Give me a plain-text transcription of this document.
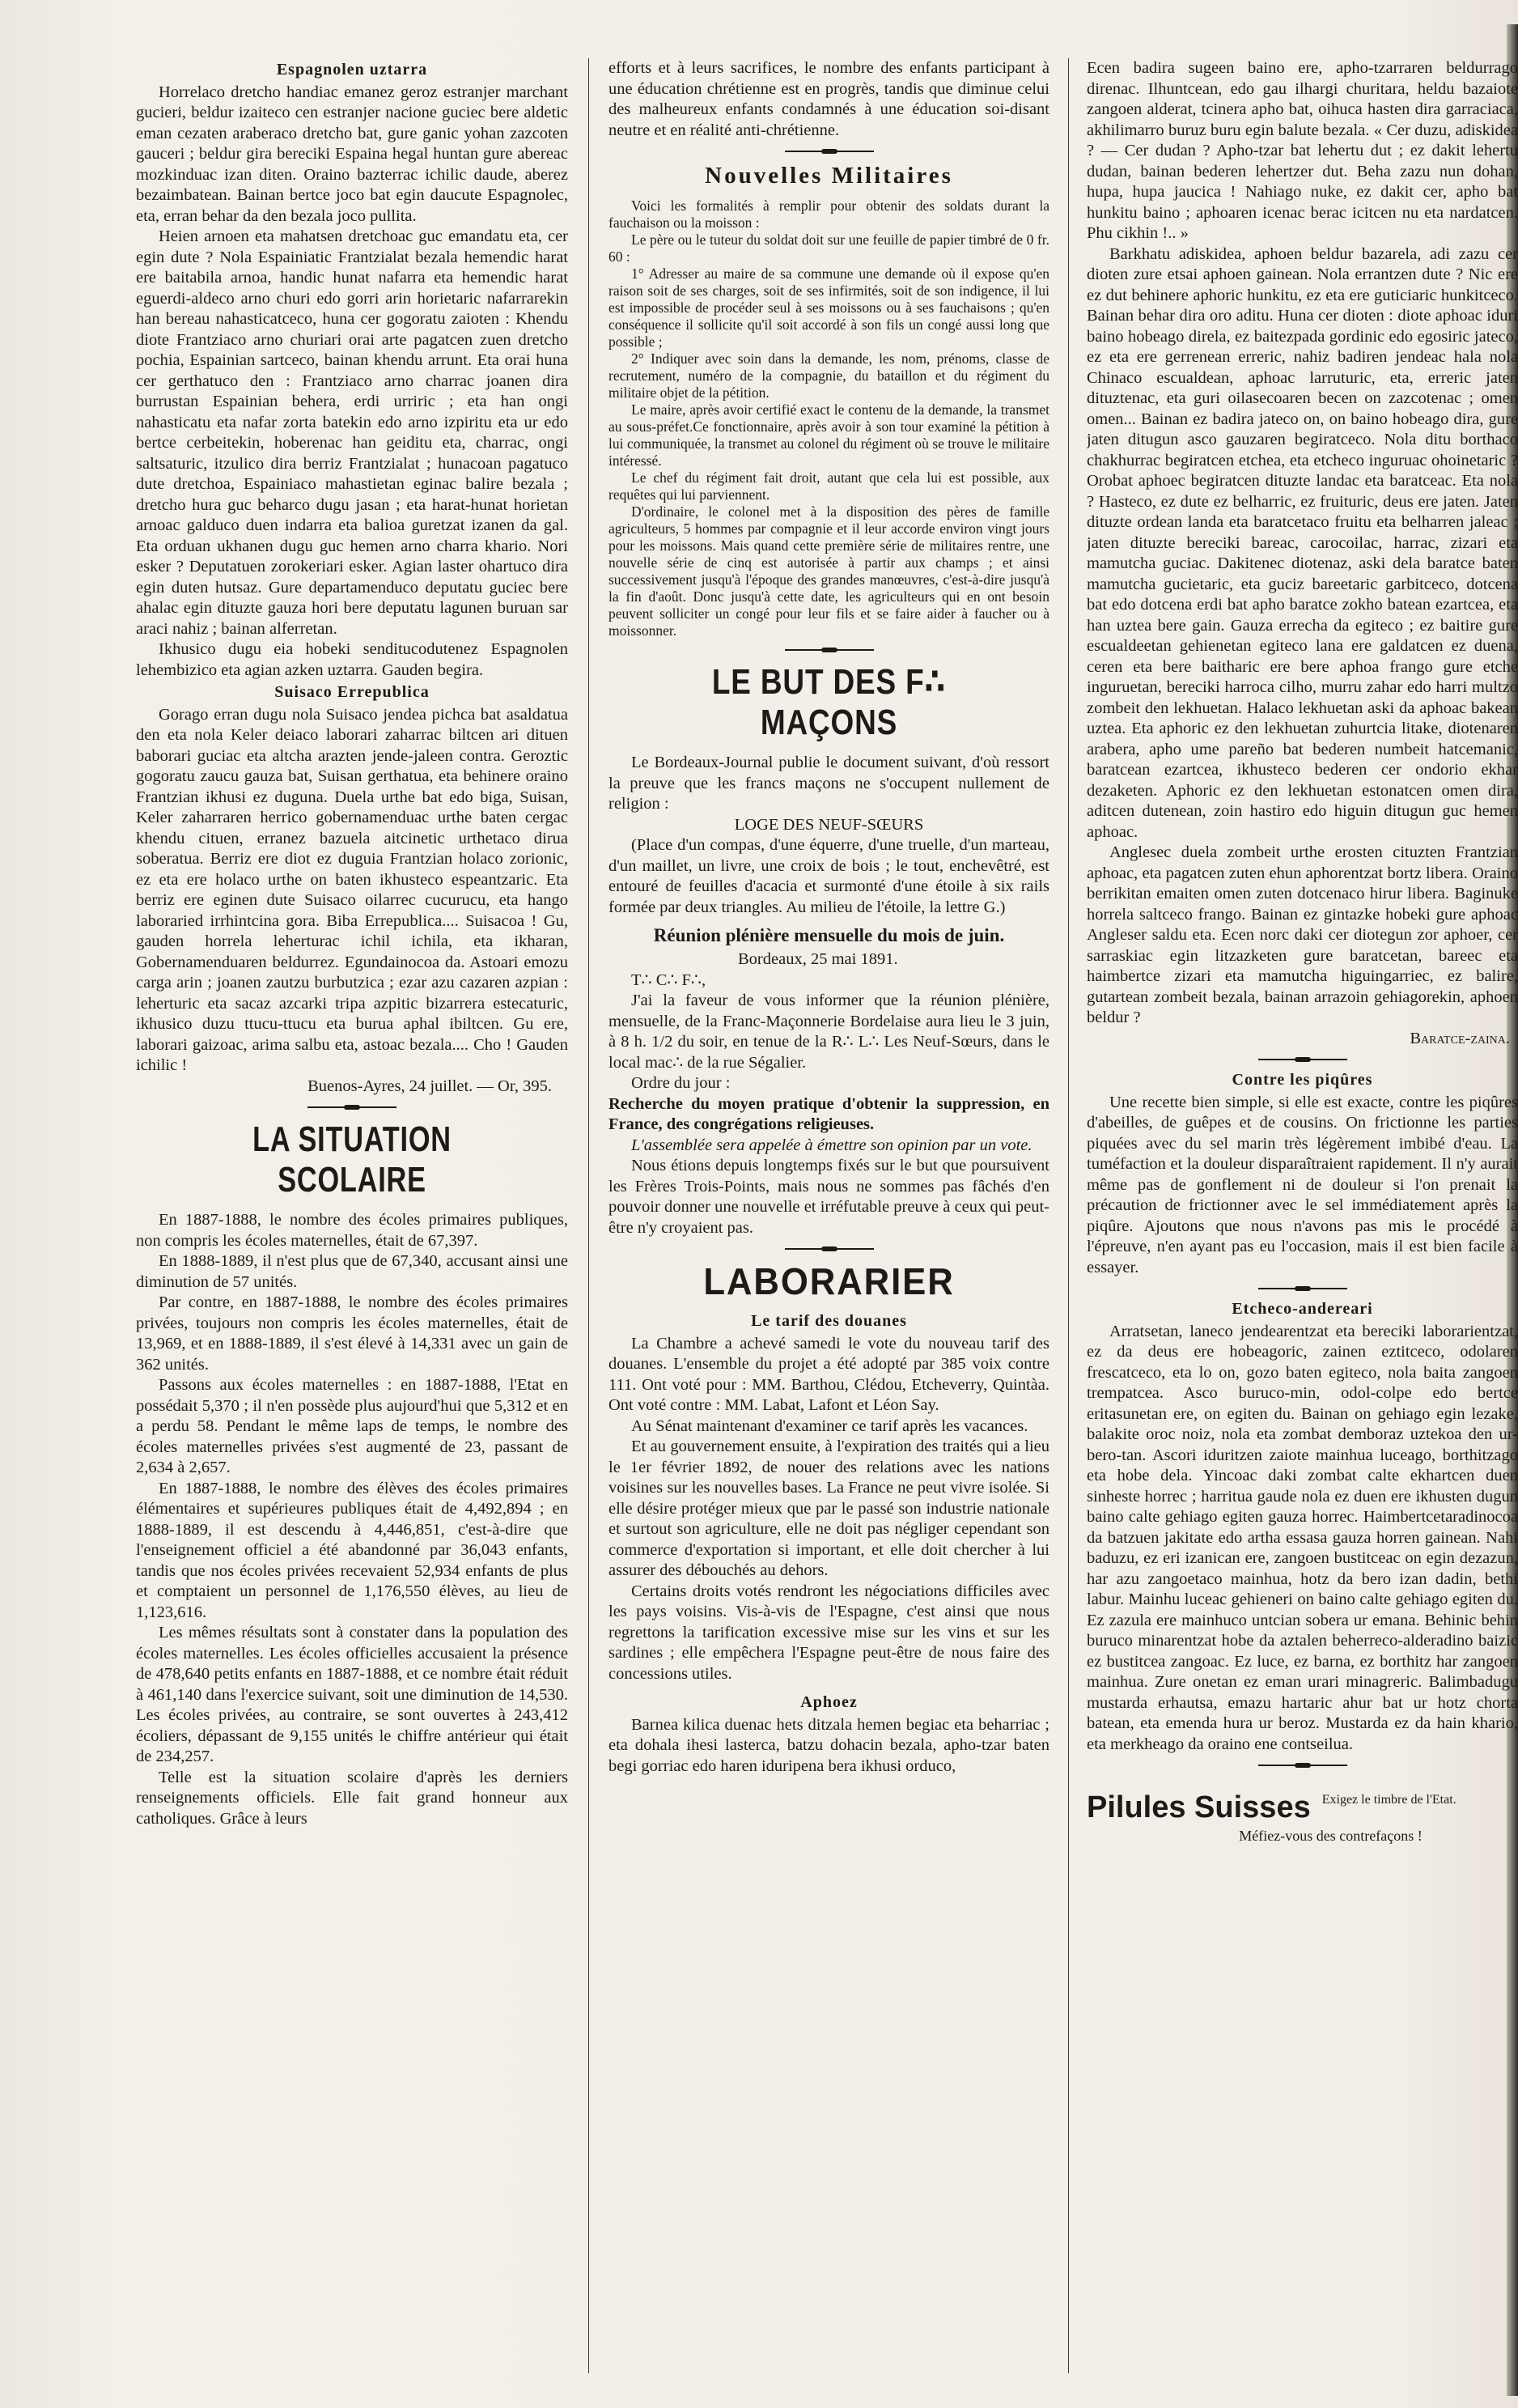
Espagnolen uztarra

Horrelaco dretcho handiac emanez geroz estranjer marchant gucieri, beldur izaiteco cen estranjer nacione guciec bere aldetic eman cezaten araberaco dretcho bat, gure ganic yohan zazcoten gauceri ; beldur gira bereciki Espaina hegal huntan gure abereac mozkinduac izan diten. Oraino bazterrac ichilic daude, aberez bezaimbatean. Bainan bertce joco bat egin daucute Espagnolec, eta, erran behar da den bezala joco pullita.

Heien arnoen eta mahatsen dretchoac guc emandatu eta, cer egin dute ? Nola Espainiatic Frantzialat bezala hemendic harat ere baitabila arnoa, handic hunat nafarra eta hemendic harat eguerdi-aldeco arno churi edo gorri arin horietaric nafarrarekin han bereau nahasticatceco, huna cer gogoratu zaioten : Khendu diote Frantziaco arno churiari orai arte pagatcen zuen dretcho pochia, Espainian sartceco, bainan khendu arrunt. Eta orai huna cer gerthatuco den : Frantziaco arno charrac joanen dira burrustan Espainian behera, erdi urriric ; eta han ongi nahasticatu eta nafar zorta batekin edo arno izpiritu eta ur edo bertce cerbeitekin, hoberenac han geiditu eta, charrac, ongi saltsaturic, itzulico dira berriz Frantzialat ; hunacoan pagatuco dute dretchoa, Espainiaco mahastietan eginac balire bezala ; dretcho hura guc beharco dugu jasan ; eta harat-hunat horietan arnoac galduco duen indarra eta balioa guretzat izanen da gal. Eta orduan ukhanen dugu guc hemen arno charra khario. Nori esker ? Deputatuen zorokeriari esker. Agian laster ohartuco dira egin duten hutsaz. Gure departamenduco deputatu guciec bere ahalac egin dituzte gauza hori bere deputatu lagunen buruan sar araci nahiz ; bainan alferretan.

Ikhusico dugu eia hobeki senditucodutenez Espagnolen lehembizico eta agian azken uztarra. Gauden begira.

Suisaco Errepublica

Gorago erran dugu nola Suisaco jendea pichca bat asaldatua den eta nola Keler deiaco laborari zaharrac biltcen ari dituen baborari guciac eta altcha arazten jende-jaleen contra. Geroztic gogoratu zaucu gauza bat, Suisan gerthatua, eta behinere oraino Frantzian ikhusi ez duguna. Duela urthe bat edo biga, Suisan, Keler zaharraren herrico gobernamenduac urthe baten cergac khendu cituen, erranez bazuela aitcinetic urthetaco dirua soberatua. Berriz ere diot ez duguia Frantzian holaco zorionic, ez eta ere holaco urthe on baten ikhusteco espeantzaric. Eta berriz ere eginen dute Suisaco oilarrec cucurucu, eta hango laboraried irrhintcina gora. Biba Errepublica.... Suisacoa ! Gu, gauden horrela leherturac ichil ichila, eta ikharan, Gobernamenduaren beldurrez. Egundainocoa da. Astoari emozu carga arin ; joanen zautzu burbutzica ; ezar azu cazaren azpian : leherturic eta sacaz azcarki tripa azpitic bizarrera estecaturic, ikhusico duzu ttucu-ttucu eta burua aphal ibiltcen. Gu ere, laborari gaizoac, arima salbu eta, astoac bezala.... Cho ! Gauden ichilic !

Buenos-Ayres, 24 juillet. — Or, 395.

LA SITUATION SCOLAIRE

En 1887-1888, le nombre des écoles primaires publiques, non compris les écoles maternelles, était de 67,397.

En 1888-1889, il n'est plus que de 67,340, accusant ainsi une diminution de 57 unités.

Par contre, en 1887-1888, le nombre des écoles primaires privées, toujours non compris les écoles maternelles, était de 13,969, et en 1888-1889, il s'est élevé à 14,331 avec un gain de 362 unités.

Passons aux écoles maternelles : en 1887-1888, l'Etat en possédait 5,370 ; il n'en possède plus aujourd'hui que 5,312 et en a perdu 58. Pendant le même laps de temps, le nombre des écoles maternelles privées s'est augmenté de 23, passant de 2,634 à 2,657.

En 1887-1888, le nombre des élèves des écoles primaires élémentaires et supérieures publiques était de 4,492,894 ; en 1888-1889, il est descendu à 4,446,851, c'est-à-dire que l'enseignement officiel a été abandonné par 36,043 enfants, tandis que nos écoles privées recevaient 52,934 enfants de plus et comptaient un personnel de 1,176,550 élèves, au lieu de 1,123,616.

Les mêmes résultats sont à constater dans la population des écoles maternelles. Les écoles officielles accusaient la présence de 478,640 petits enfants en 1887-1888, et ce nombre était réduit à 461,140 dans l'exercice suivant, soit une diminution de 14,530. Les écoles privées, au contraire, se sont ouvertes à 243,412 écoliers, dépassant de 9,155 unités le chiffre antérieur qui était de 234,257.

Telle est la situation scolaire d'après les derniers renseignements officiels. Elle fait grand honneur aux catholiques. Grâce à leurs

efforts et à leurs sacrifices, le nombre des enfants participant à une éducation chrétienne est en progrès, tandis que diminue celui des malheureux enfants condamnés à une éducation soi-disant neutre et en réalité anti-chrétienne.

Nouvelles Militaires

Voici les formalités à remplir pour obtenir des soldats durant la fauchaison ou la moisson :

Le père ou le tuteur du soldat doit sur une feuille de papier timbré de 0 fr. 60 :

1° Adresser au maire de sa commune une demande où il expose qu'en raison soit de ses charges, soit de ses infirmités, soit de son indigence, il lui est impossible de procéder seul à ses moissons ou à ses fauchaisons ; qu'en conséquence il sollicite qu'il soit accordé à son fils un congé aussi long que possible ;

2° Indiquer avec soin dans la demande, les nom, prénoms, classe de recrutement, numéro de la compagnie, du bataillon et du régiment du militaire objet de la pétition.

Le maire, après avoir certifié exact le contenu de la demande, la transmet au sous-préfet.Ce fonctionnaire, après avoir à son tour examiné la pétition à lui communiquée, la transmet au colonel du régiment où se trouve le militaire intéressé.

Le chef du régiment fait droit, autant que cela lui est possible, aux requêtes qui lui parviennent.

D'ordinaire, le colonel met à la disposition des pères de famille agriculteurs, 5 hommes par compagnie et il leur accorde environ vingt jours pour les moissons. Mais quand cette première série de militaires rentre, une nouvelle série de cinq est autorisée à partir aux champs ; et ainsi successivement jusqu'à l'époque des grandes manœuvres, c'est-à-dire jusqu'à la fin d'août. Donc jusqu'à cette date, les agriculteurs qui en ont besoin peuvent solliciter un congé pour leur fils et se faire aider à faucher ou à moissonner.

LE BUT DES F∴ MAÇONS

Le Bordeaux-Journal publie le document suivant, d'où ressort la preuve que les francs maçons ne s'occupent nullement de religion :

LOGE DES NEUF-SŒURS

(Place d'un compas, d'une équerre, d'une truelle, d'un marteau, d'un maillet, un livre, une croix de bois ; le tout, enchevêtré, est entouré de feuilles d'acacia et surmonté d'une étoile à six rails formée par deux triangles. Au milieu de l'étoile, la lettre G.)

Réunion plénière mensuelle du mois de juin.

Bordeaux, 25 mai 1891.

T∴ C∴ F∴,

J'ai la faveur de vous informer que la réunion plénière, mensuelle, de la Franc-Maçonnerie Bordelaise aura lieu le 3 juin, à 8 h. 1/2 du soir, en tenue de la R∴ L∴ Les Neuf-Sœurs, dans le local mac∴ de la rue Ségalier.

Ordre du jour :

Recherche du moyen pratique d'obtenir la suppression, en France, des congrégations religieuses.

L'assemblée sera appelée à émettre son opinion par un vote.

Nous étions depuis longtemps fixés sur le but que poursuivent les Frères Trois-Points, mais nous ne sommes pas fâchés d'en pouvoir donner une nouvelle et irréfutable preuve à ceux qui peut-être n'y croyaient pas.

LABORARIER
Le tarif des douanes

La Chambre a achevé samedi le vote du nouveau tarif des douanes. L'ensemble du projet a été adopté par 385 voix contre 111. Ont voté pour : MM. Barthou, Clédou, Etcheverry, Quintàa. Ont voté contre : MM. Labat, Lafont et Léon Say.

Au Sénat maintenant d'examiner ce tarif après les vacances.

Et au gouvernement ensuite, à l'expiration des traités qui a lieu le 1er février 1892, de nouer des relations avec les nations voisines sur les nouvelles bases. La France ne peut vivre isolée. Si elle désire protéger mieux que par le passé son industrie nationale et surtout son agriculture, elle ne doit pas négliger cependant son commerce d'exportation si important, et elle doit chercher à lui assurer des débouchés au dehors.

Certains droits votés rendront les négociations difficiles avec les pays voisins. Vis-à-vis de l'Espagne, c'est ainsi que nous regrettons la tarification excessive mise sur les vins et sur les sardines ; elle empêchera l'Espagne peut-être de nous faire des concessions utiles.

Aphoez

Barnea kilica duenac hets ditzala hemen begiac eta beharriac ; eta dohala ihesi lasterca, batzu dohacin bezala, apho-tzar baten begi gorriac edo haren iduripena bera ikhusi orduco,

Ecen badira sugeen baino ere, apho-tzarraren beldurrago direnac. Ilhuntcean, edo gau ilhargi churitara, heldu bazaiote zangoen alderat, tcinera apho bat, oihuca hasten dira garraciaca, akhilimarro buruz buru egin balute bezala. « Cer duzu, adiskidea ? — Cer dudan ? Apho-tzar bat lehertu dut ; ez dakit lehertu dudan, bainan bederen lehertzer dut. Beha zazu nun dohan, hupa, hupa jaucica ! Nahiago nuke, ez dakit cer, apho bat hunkitu baino ; aphoaren icenac berac icitcen nu eta nardatcen. Phu cikhin !.. »

Barkhatu adiskidea, aphoen beldur bazarela, adi zazu cer dioten zure etsai aphoen gainean. Nola errantzen dute ? Nic ere ez dut behinere aphoric hunkitu, ez eta ere guticiaric hunkitceco. Bainan behar dira oro aditu. Huna cer dioten : diote aphoac iduri baino hobeago direla, ez baitezpada gordinic edo egosiric jateco, ez eta ere gerrenean erreric, nahiz badiren jendeac hala nola Chinaco escualdean, aphoac larruturic, eta, erreric jaten dituztenac, eta guri oilasecoaren becen on zazcotenac ; omen omen... Bainan ez badira jateco on, on baino hobeago dira, gure jaten ditugun asco gauzaren begiratceco. Nola ditu borthaco chakhurrac begiratcen etchea, eta etcheco inguruac ohoinetaric ? Orobat aphoec begiratcen dituzte landac eta baratceac. Eta nola ? Hasteco, ez dute ez belharric, ez fruituric, deus ere jaten. Jaten dituzte ordean landa eta baratcetaco fruitu eta belharren jaleac ; jaten dituzte bereciki bareac, carocoilac, harrac, zizari eta mamutcha guciac. Dakitenec diotenaz, aski dela baratce baten mamutcha gucietaric, eta guciz bareetaric garbitceco, dotcena bat edo dotcena erdi bat apho baratce zokho batean ezartcea, eta han uztea bere gain. Gauza errecha da egiteco ; ez baitire gure escualdeetan gehienetan egiteco lana ere galdatcen ez duena, ceren eta bere baitharic ere bere aphoa frango gure etche inguruetan, bereciki harroca cilho, murru zahar edo harri multzo zombeit den lekhuetan. Halaco lekhuetan aski da aphoac bakean uztea. Eta aphoric ez den lekhuetan zuhurtcia litake, diotenaren arabera, apho ume pareño bat bederen numbeit hatcemanic, baratcean ezartcea, ikhusteco bederen cer ondorio ekhar dezaketen. Aphoric ez den lekhuetan estonatcen omen dira, aditcen dutenean, zoin hastiro edo higuin ditugun guc hemen aphoac.

Anglesec duela zombeit urthe erosten cituzten Frantzian aphoac, eta pagatcen zuten ehun aphorentzat bortz libera. Oraino berrikitan emaiten omen zuten dotcenaco hirur libera. Baginuke horrela saltceco frango. Bainan ez gintazke hobeki gure aphoac Angleser saldu eta. Ecen norc daki cer diotegun zor aphoer, cer sarraskiac egin litzazketen gure baratcetan, bareec eta haimbertce zizari eta mamutcha higuingarriec, ez balire, gutartean zombeit bezala, bainan arrazoin gehiagorekin, aphoen beldur ?

Baratce-zaina.

Contre les piqûres

Une recette bien simple, si elle est exacte, contre les piqûres d'abeilles, de guêpes et de cousins. On frictionne les parties piquées avec du sel marin très légèrement imbibé d'eau. La tuméfaction et la douleur disparaîtraient rapidement. Il n'y aurait même pas de gonflement ni de douleur si l'on prenait la précaution de frictionner avec le sel immédiatement après la piqûre. Ajoutons que nous n'avons pas mis le procédé à l'épreuve, n'en ayant pas eu l'occasion, mais il est bien facile à essayer.

Etcheco-andereari

Arratsetan, laneco jendearentzat eta bereciki laborarientzat, ez da deus ere hobeagoric, zainen eztitceco, odolaren frescatceco, eta lo on, gozo baten egiteco, nola baita zangoen trempatcea. Asco buruco-min, odol-colpe edo bertce eritasunetan ere, on egiten du. Bainan on gehiago egin lezake, balakite oroc noiz, nola eta zombat demboraz uztekoa den ur-bero-tan. Ascori iduritzen zaiote mainhua luceago, borthitzago eta hobe dela. Yincoac daki zombat calte ekhartcen duen sinheste horrec ; harritua gaude nola ez duen ere ikhusten dugun baino calte gehiago egiten gauza horrec. Haimbertcetaradinocoa da batzuen jakitate edo artha essasa gauza horren gainean. Nahi baduzu, ez eri izanican ere, zangoen bustitceac on egin dezazun, har azu zangoetaco mainhua, hotz da bero izan dadin, bethi labur. Mainhu luceac gehieneri on baino calte gehiago egiten du. Ez zazula ere mainhuco untcian sobera ur emana. Behinic behin buruco minarentzat hobe da aztalen beherreco-alderadino baizic ez bustitcea zangoac. Ez luce, ez barna, ez borthitz har zangoen mainhua. Zure onetan ez eman urari minagreric. Balimbadugu mustarda erhautsa, emazu hartaric ahur bat ur hotz chorta batean, eta emenda hura ur beroz. Mustarda ez da hain khario, eta merkheago da oraino ene contseilua.

Pilules Suisses Exigez le timbre de l'Etat.
Méfiez-vous des contrefaçons !
